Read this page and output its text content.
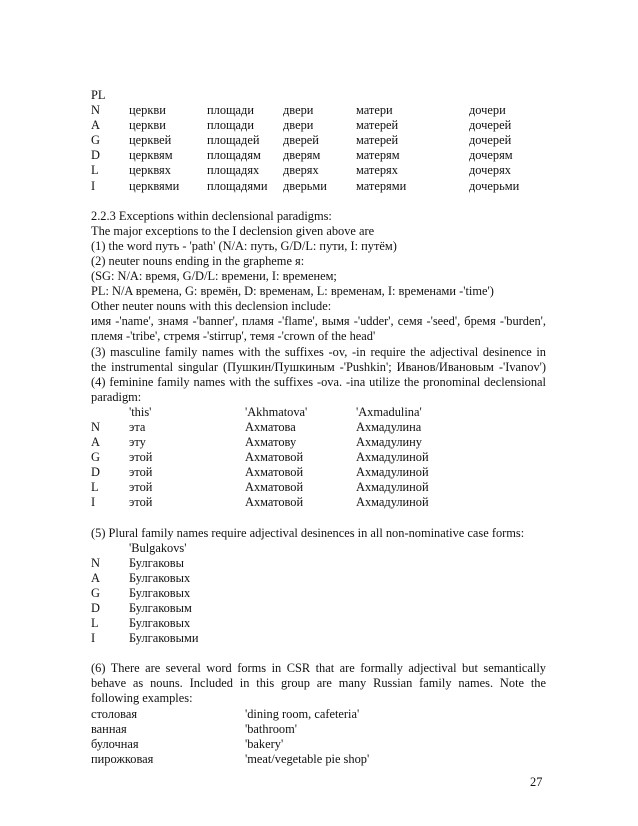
PL
N церкви	площади двери	матери	дочери
A церкви	площади двери	матерей	дочерей
G церквей	площадей дверей	матерей	дочерей
D церквям	площадям дверям	матерям	дочерям
L церквях	площадях дверях	матерях	дочерях
I	церквями площадями дверьми матерями	дочерьми
2.2.3 Exceptions within declensional paradigms:
The major exceptions to the I declension given above are
(1) the word путь - 'path' (N/A: путь, G/D/L: пути, I: путём)
(2) neuter nouns ending in the grapheme я:
(SG: N/A: время, G/D/L: времени, I: временем;
PL: N/A времена, G: времён, D: временам, L: временам, I: временами -'time')
Other neuter nouns with this declension include:
имя -'name', знамя -'banner', пламя -'flame', вымя -'udder', семя -'seed', бремя -'burden',
племя -'tribe', стремя -'stirrup', темя -'crown of the head'
(3) masculine family names with the suffixes -ov, -in require the adjectival desinence in
the instrumental singular (Пушкин/Пушкиным -'Pushkin'; Иванов/Ивановым -'Ivanov')
(4) feminine family names with the suffixes -ova. -ina utilize the pronominal declensional
paradigm:
'this'	'Akhmatova'	'Axmadulina'
N эта	Ахматова	Ахмадулина
A эту	Ахматову	Ахмадулину
G этой	Ахматовой	Ахмадулиной
D этой	Ахматовой	Ахмадулиной
L этой	Ахматовой	Ахмадулиной
I	этой	Ахматовой	Ахмадулиной
(5) Plural family names require adjectival desinences in all non-nominative case forms:
'Bulgakovs'
N Булгаковы
A Булгаковых
G Булгаковых
D Булгаковым
L Булгаковых
I	Булгаковыми
(6) There are several word forms in CSR that are formally adjectival but semantically
behave as nouns. Included in this group are many Russian family names. Note the
following examples:
столовая	'dining room, cafeteria'
ванная	'bathroom'
булочная	'bakery'
пирожковая	'meat/vegetable pie shop'
27
